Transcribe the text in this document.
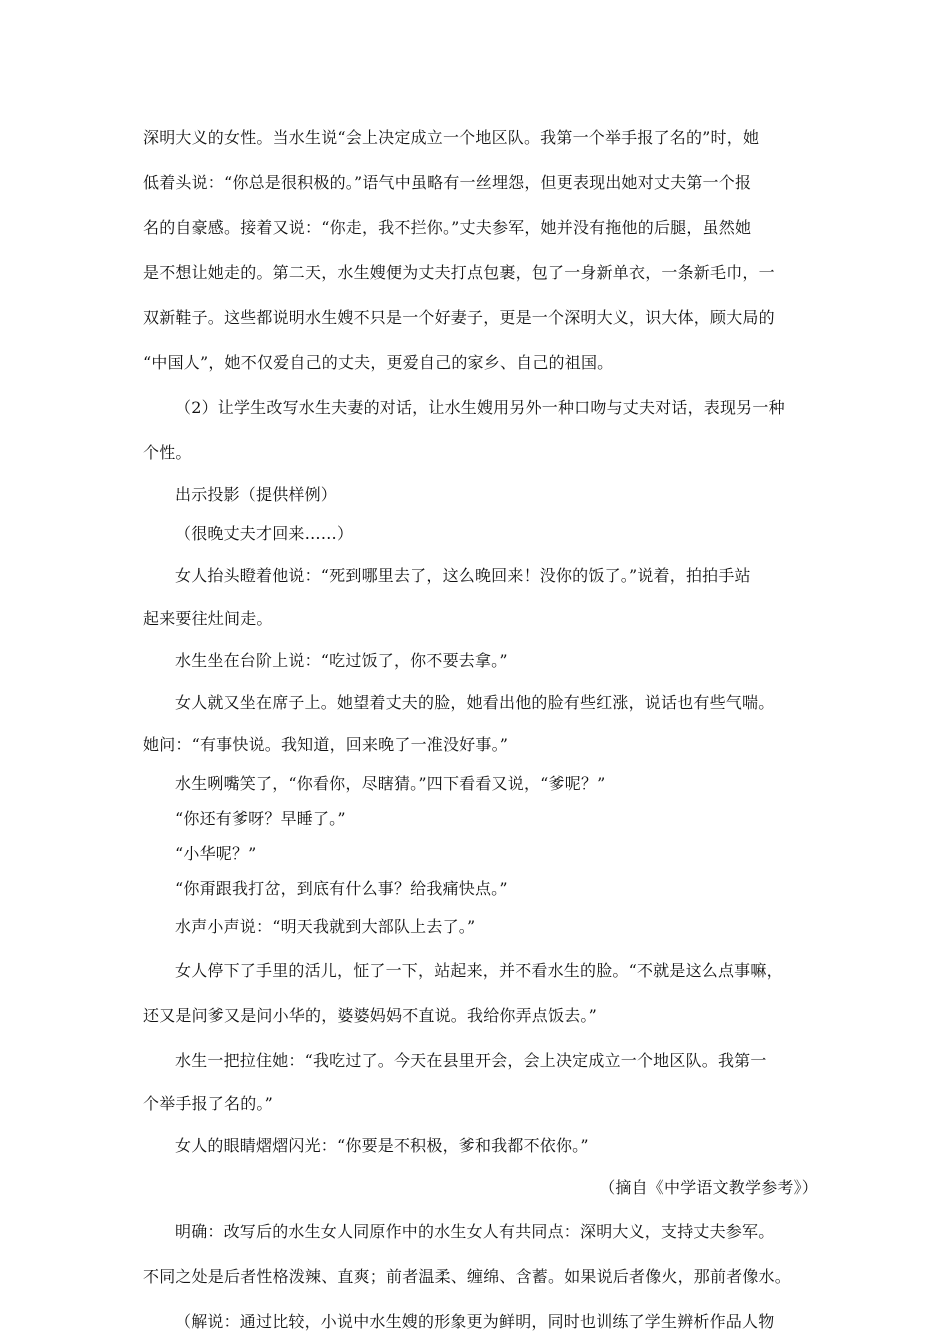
深明大义的女性。当水生说“会上决定成立一个地区队。我第一个举手报了名的”时，她

低着头说：“你总是很积极的。”语气中虽略有一丝埋怨，但更表现出她对丈夫第一个报

名的自豪感。接着又说：“你走，我不拦你。”丈夫参军，她并没有拖他的后腿，虽然她

是不想让她走的。第二天，水生嫂便为丈夫打点包裹，包了一身新单衣，一条新毛巾，一

双新鞋子。这些都说明水生嫂不只是一个好妻子，更是一个深明大义，识大体，顾大局的

“中国人”，她不仅爱自己的丈夫，更爱自己的家乡、自己的祖国。

（2）让学生改写水生夫妻的对话，让水生嫂用另外一种口吻与丈夫对话，表现另一种

个性。

出示投影（提供样例）

（很晚丈夫才回来……）

女人抬头瞪着他说：“死到哪里去了，这么晚回来！没你的饭了。”说着，拍拍手站

起来要往灶间走。

水生坐在台阶上说：“吃过饭了，你不要去拿。”

女人就又坐在席子上。她望着丈夫的脸，她看出他的脸有些红涨，说话也有些气喘。

她问：“有事快说。我知道，回来晚了一准没好事。”

水生咧嘴笑了，“你看你，尽瞎猜。”四下看看又说，“爹呢？”

“你还有爹呀？早睡了。”

“小华呢？”

“你甭跟我打岔，到底有什么事？给我痛快点。”

水声小声说：“明天我就到大部队上去了。”

女人停下了手里的活儿，怔了一下，站起来，并不看水生的脸。“不就是这么点事嘛，

还又是问爹又是问小华的，婆婆妈妈不直说。我给你弄点饭去。”

水生一把拉住她：“我吃过了。今天在县里开会，会上决定成立一个地区队。我第一

个举手报了名的。”

女人的眼睛熠熠闪光：“你要是不积极，爹和我都不依你。”

（摘自《中学语文教学参考》）

明确：改写后的水生女人同原作中的水生女人有共同点：深明大义，支持丈夫参军。

不同之处是后者性格泼辣、直爽；前者温柔、缠绵、含蓄。如果说后者像火，那前者像水。

（解说：通过比较，小说中水生嫂的形象更为鲜明，同时也训练了学生辨析作品人物
